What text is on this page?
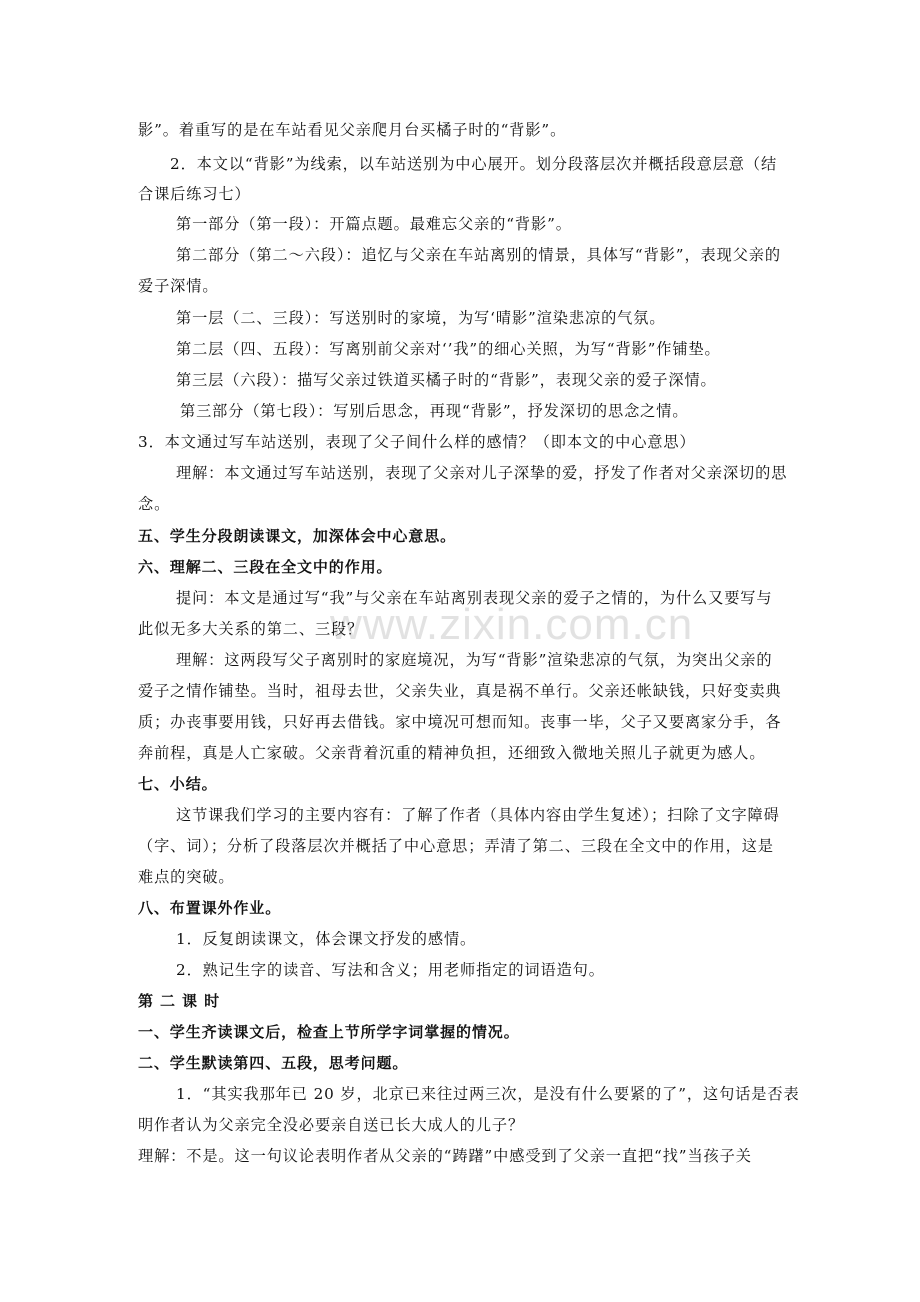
www.zixin.com.cn
影”。着重写的是在车站看见父亲爬月台买橘子时的“背影”。
2．本文以“背影”为线索，以车站送别为中心展开。划分段落层次并概括段意层意（结
合课后练习七）
第一部分（第一段）：开篇点题。最难忘父亲的“背影”。
第二部分（第二～六段）：追忆与父亲在车站离别的情景，具体写“背影”，表现父亲的
爱子深情。
第一层（二、三段）：写送别时的家境，为写‘晴影”渲染悲凉的气氛。
第二层（四、五段）：写离别前父亲对‘’我”的细心关照，为写“背影”作铺垫。
第三层（六段）：描写父亲过铁道买橘子时的“背影”，表现父亲的爱子深情。
第三部分（第七段）：写别后思念，再现“背影”，抒发深切的思念之情。
3．本文通过写车站送别，表现了父子间什么样的感情？（即本文的中心意思）
理解：本文通过写车站送别，表现了父亲对儿子深挚的爱，抒发了作者对父亲深切的思
念。
五、学生分段朗读课文，加深体会中心意思。
六、理解二、三段在全文中的作用。
提问：本文是通过写“我”与父亲在车站离别表现父亲的爱子之情的，为什么又要写与
此似无多大关系的第二、三段？
理解：这两段写父子离别时的家庭境况，为写“背影”渲染悲凉的气氛，为突出父亲的
爱子之情作铺垫。当时，祖母去世，父亲失业，真是祸不单行。父亲还帐缺钱，只好变卖典
质；办丧事要用钱，只好再去借钱。家中境况可想而知。丧事一毕，父子又要离家分手，各
奔前程，真是人亡家破。父亲背着沉重的精神负担，还细致入微地关照儿子就更为感人。
七、小结。
这节课我们学习的主要内容有：了解了作者（具体内容由学生复述）；扫除了文字障碍
（字、词）；分析了段落层次并概括了中心意思；弄清了第二、三段在全文中的作用，这是
难点的突破。
八、布置课外作业。
1．反复朗读课文，体会课文抒发的感情。
2．熟记生字的读音、写法和含义；用老师指定的词语造句。
第 二 课 时
一、学生齐读课文后，检查上节所学字词掌握的情况。
二、学生默读第四、五段，思考问题。
1．“其实我那年已 20 岁，北京已来往过两三次，是没有什么要紧的了”，这句话是否表
明作者认为父亲完全没必要亲自送已长大成人的儿子？
理解：不是。这一句议论表明作者从父亲的“踌躇”中感受到了父亲一直把“找”当孩子关
